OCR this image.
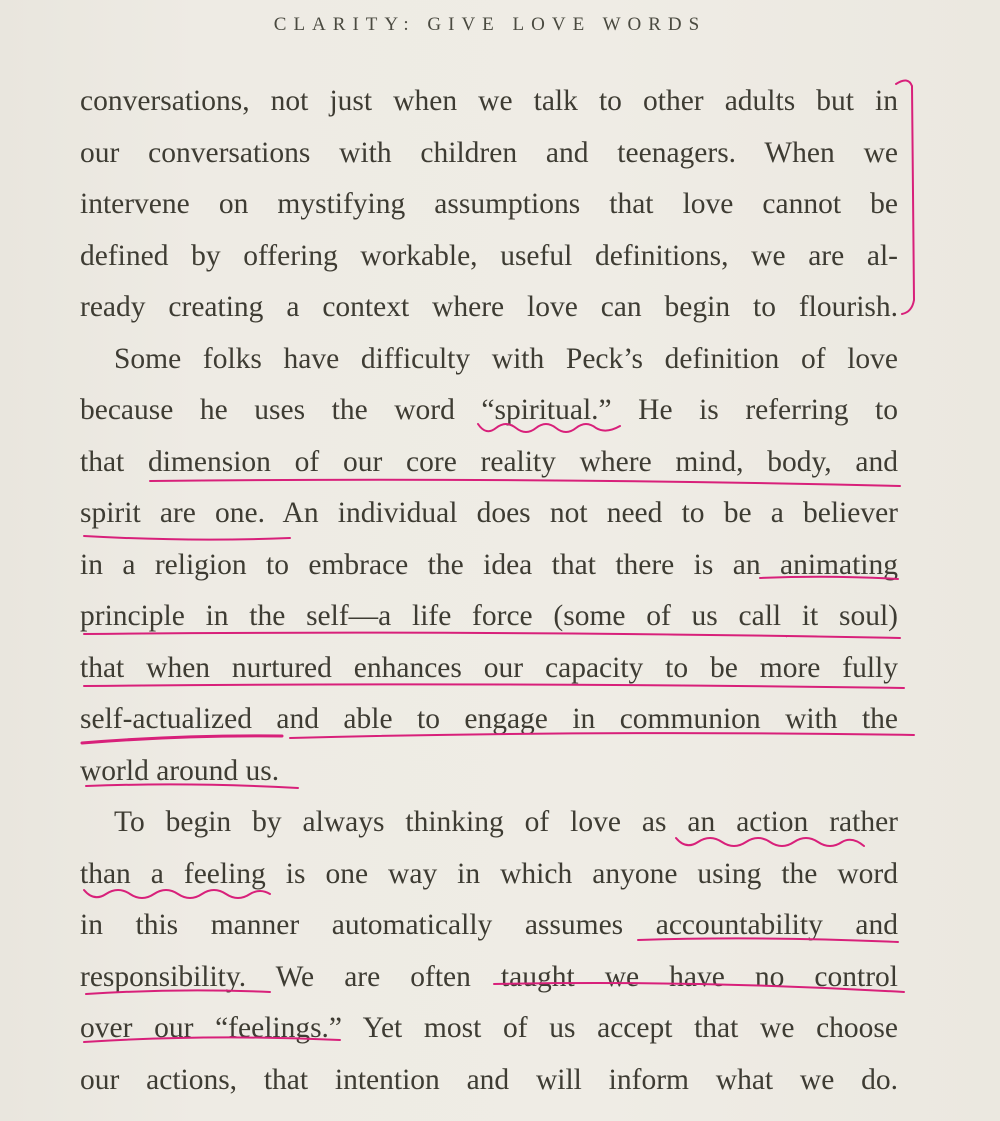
CLARITY: GIVE LOVE WORDS
conversations, not just when we talk to other adults but in
our conversations with children and teenagers. When we
intervene on mystifying assumptions that love cannot be
defined by offering workable, useful definitions, we are al-
ready creating a context where love can begin to flourish.
Some folks have difficulty with Peck’s definition of love
because he uses the word “spiritual.” He is referring to
that dimension of our core reality where mind, body, and
spirit are one. An individual does not need to be a believer
in a religion to embrace the idea that there is an animating
principle in the self—a life force (some of us call it soul)
that when nurtured enhances our capacity to be more fully
self-actualized and able to engage in communion with the
world around us.
To begin by always thinking of love as an action rather
than a feeling is one way in which anyone using the word
in this manner automatically assumes accountability and
responsibility. We are often taught we have no control
over our “feelings.” Yet most of us accept that we choose
our actions, that intention and will inform what we do.
